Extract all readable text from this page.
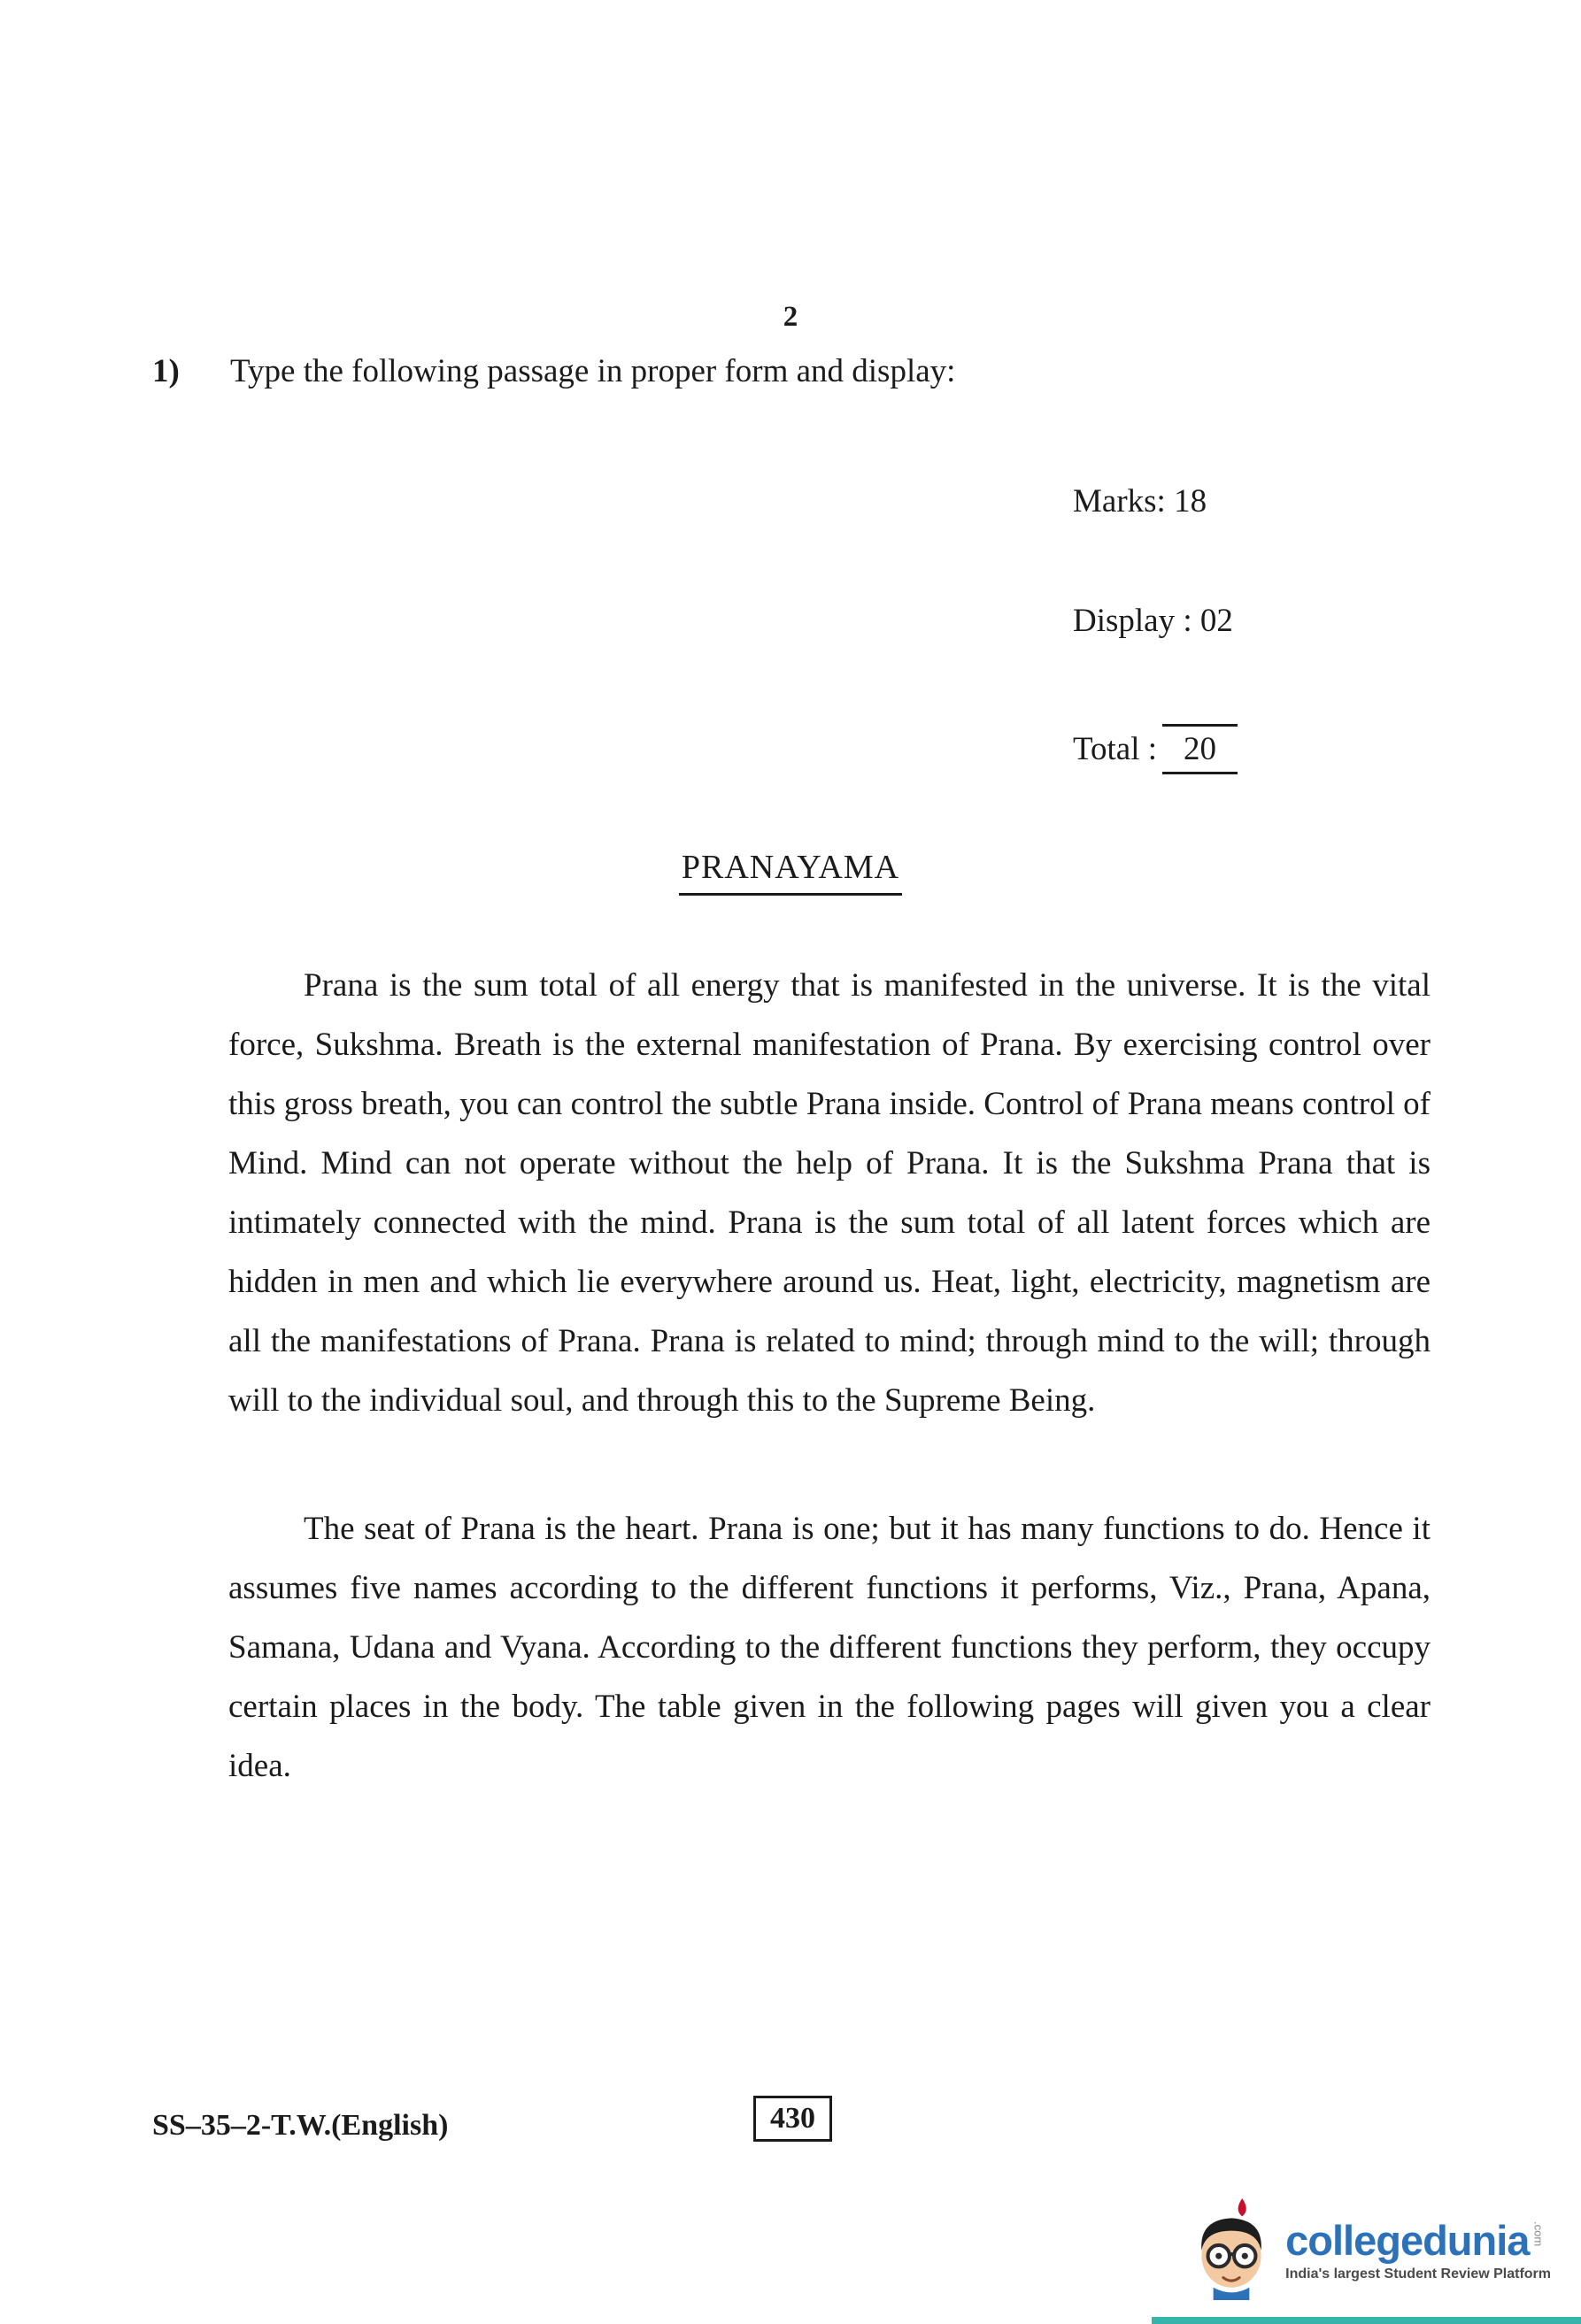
2
1)	Type the following passage in proper form and display:
Marks: 18
Display : 02
Total : 20
PRANAYAMA

Prana is the sum total of all energy that is manifested in the universe. It is the vital force, Sukshma. Breath is the external manifestation of Prana. By exercising control over this gross breath, you can control the subtle Prana inside. Control of Prana means control of Mind. Mind can not operate without the help of Prana. It is the Sukshma Prana that is intimately connected with the mind. Prana is the sum total of all latent forces which are hidden in men and which lie everywhere around us. Heat, light, electricity, magnetism are all the manifestations of Prana. Prana is related to mind; through mind to the will; through will to the individual soul, and through this to the Supreme Being.

The seat of Prana is the heart. Prana is one; but it has many functions to do. Hence it assumes five names according to the different functions it performs, Viz., Prana, Apana, Samana, Udana and Vyana. According to the different functions they perform, they occupy certain places in the body. The table given in the following pages will given you a clear idea.

SS–35–2-T.W.(English)	430
collegedunia .com
India's largest Student Review Platform
